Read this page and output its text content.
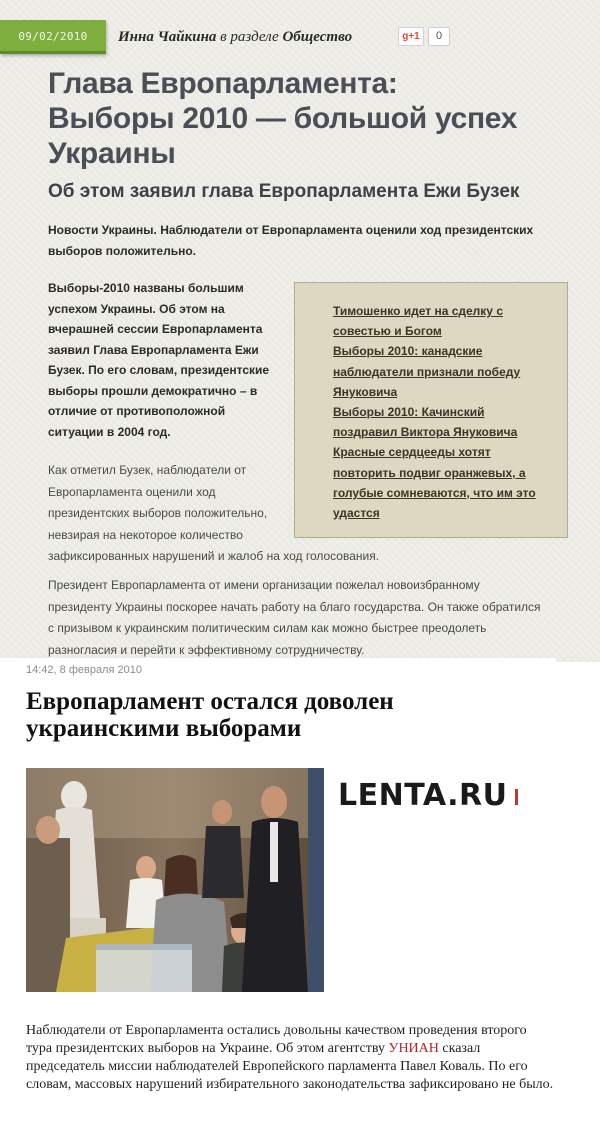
09/02/2010	Инна Чайкина в разделе Общество	g+1	0
Глава Европарламента:
Выборы 2010 — большой успех
Украины
Об этом заявил глава Европарламента Ежи Бузек

Новости Украины. Наблюдатели от Европарламента оценили ход президентских
выборов положительно.

Выборы-2010 названы большим
успехом Украины. Об этом на
вчерашней сессии Европарламента
заявил Глава Европарламента Ежи
Бузек. По его словам, президентские
выборы прошли демократично – в
отличие от противоположной
ситуации в 2004 год.

Как отметил Бузек, наблюдатели от
Европарламента оценили ход
президентских выборов положительно,
невзирая на некоторое количество
зафиксированных нарушений и жалоб на ход голосования.

Президент Европарламента от имени организации пожелал новоизбранному
президенту Украины поскорее начать работу на благо государства. Он также обратился
с призывом к украинским политическим силам как можно быстрее преодолеть
разногласия и перейти к эффективному сотрудничеству.

Тимошенко идет на сделку с
совестью и Богом
Выборы 2010: канадские
наблюдатели признали победу
Януковича
Выборы 2010: Качинский
поздравил Виктора Януковича
Красные сердцееды хотят
повторить подвиг оранжевых, а
голубые сомневаются, что им это
удастся
14:42, 8 февраля 2010
Европарламент остался доволен
украинскими выборами
LENTA.RU

Наблюдатели от Европарламента остались довольны качеством проведения второго тура президентских выборов на Украине. Об этом агентству УНИАН сказал председатель миссии наблюдателей Европейского парламента Павел Коваль. По его словам, массовых нарушений избирательного законодательства зафиксировано не было.
